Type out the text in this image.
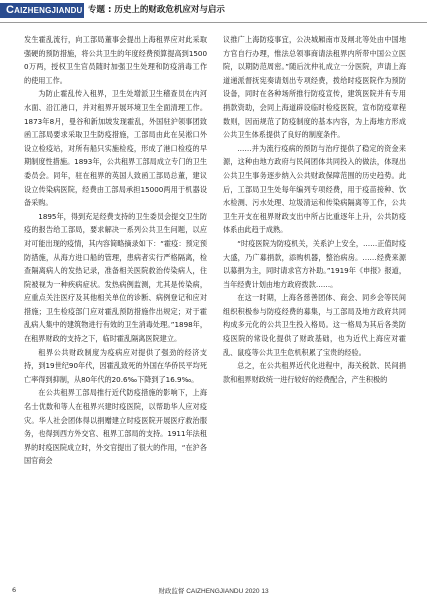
CAIZHENGJIANDU 专题 : 历史上的财政危机应对与启示

发生霍乱流行，向工部局董事会提出上海租界应对此采取强硬的预防措施，将公共卫生的年度经费预算提高到15000万两，授权卫生官员随时加强卫生处理和防疫消毒工作的使用工作。

为防止霍乱传入租界，卫生处增派卫生稽查员在内河水面、沿江港口，并对租界开展环境卫生全面清理工作。1873年8月，曼谷和新加坡发现霍乱，外国驻沪领事团致函工部局要求采取卫生防疫措施，工部局由此在吴淞口外设立检疫站，对所有船只实施检疫，形成了港口检疫的早期制度性措施。1893年，公共租界工部局成立专门的卫生委员会。同年，驻在租界的英国人致函工部局总董，建议设立传染病医院，经费由工部局承担15000两用于机器设备采购。

1895年，得到充足经费支持的卫生委员会提交卫生防疫的报告给工部局，要求解决一系列公共卫生问题，以应对可能出现的疫情，其内容简略摘录如下：“霍疫：预定预防措施，从海方进口船的管理，患病者实行严格隔离，检查隔离病人的发热记录，准备相关医院救治传染病人，住院被视为一种疾病症状。发热病例监测，尤其是传染病，应重点关注医疗及其他相关单位的诊断、病例登记和应对措施；卫生检疫部门应对霍乱预防措施作出规定；对于霍乱病人集中的建筑物进行有效的卫生消毒处理。”1898年，在租界财政的支持之下，临时霍乱隔离医院建立。

租界公共财政制度为疫病应对提供了强劲的经济支持，到19世纪90年代，因霍乱致死的外国在华侨民平均死亡率得到抑制，从80年代的20.6‰下降到了16.9‰。

在公共租界工部局推行近代防疫措施的影响下，上海名士优数和等人在租界兴建时疫医院，以帮助华人应对疫灾。华人社会团体得以捐赠建立时疫医院开展医疗救治服务，也得到西方外交官、租界工部局的支持。1911年法租界的时疫医院成立时，外交官提出了很大的作用，“在沪各国官商会

议推广上海防疫事宜，公决城厢南市及闸北等处由中国地方官自行办理，惟法总领事商请法租界内所带中国公立医院，以期防范周密。”随后沈仲礼成立一分医院，声请上海道递派督抚宪奏请划出专项经费，拨给时疫医院作为预防设备，同时在各种场所推行防疫宣传，建筑医院并有专用捐款资助，会同上海道辟设临时检疫医院，宣布防疫章程数则，因而规范了防疫制度的基本内容，为上海地方形成公共卫生体系提供了良好的制度条件。

……并为流行疫病的预防与治疗提供了稳定的资金来源，这种由地方政府与民间团体共同投入的做法，体现出公共卫生事务逐步纳入公共财政保障范围的历史趋势。此后，工部局卫生处每年编列专项经费，用于疫苗接种、饮水检测、污水处理、垃圾清运和传染病隔离等工作，公共卫生开支在租界财政支出中所占比重逐年上升，公共防疫体系由此趋于成熟。

“时疫医院为防疫机关，关系沪上安全，……正值时疫大盛，乃广募捐款，添购机器，整治病房。……经费来源以募捐为主，同时请求官方补助。”1919年《申报》报道，当年经费计划由地方政府拨款……。

在这一时期，上海各慈善团体、商会、同乡会等民间组织积极参与防疫经费的募集，与工部局及地方政府共同构成多元化的公共卫生投入格局。这一格局为其后各类防疫医院的常设化提供了财政基础，也为近代上海应对霍乱、鼠疫等公共卫生危机积累了宝贵的经验。

总之，在公共租界近代化进程中，海关税款、民间捐款和租界财政统一进行较好的经费配合，产生积极的

6	财政监督 CAIZHENGJIANDU 2020 13
